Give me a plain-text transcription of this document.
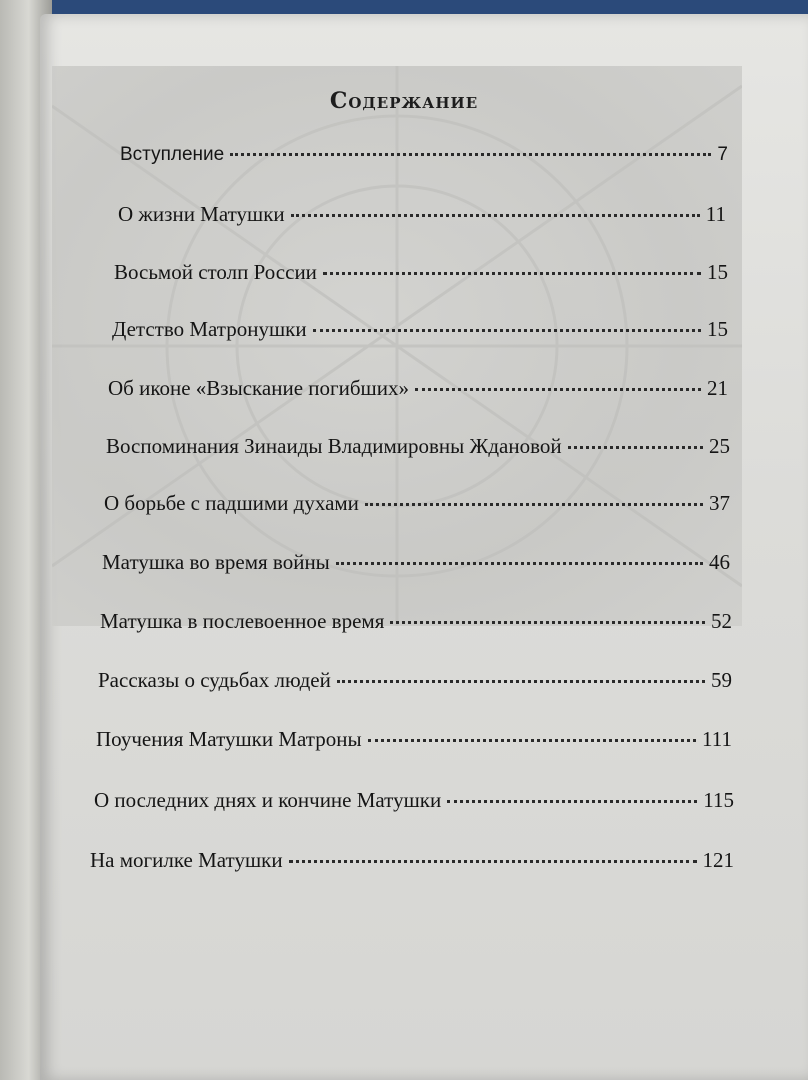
Содержание
Вступление	7
О жизни Матушки	11
Восьмой столп России	15
Детство Матронушки	15
Об иконе «Взыскание погибших»	21
Воспоминания Зинаиды Владимировны Ждановой	25
О борьбе с падшими духами	37
Матушка во время войны	46
Матушка в послевоенное время	52
Рассказы о судьбах людей	59
Поучения Матушки Матроны	111
О последних днях и кончине Матушки	115
На могилке Матушки	121
